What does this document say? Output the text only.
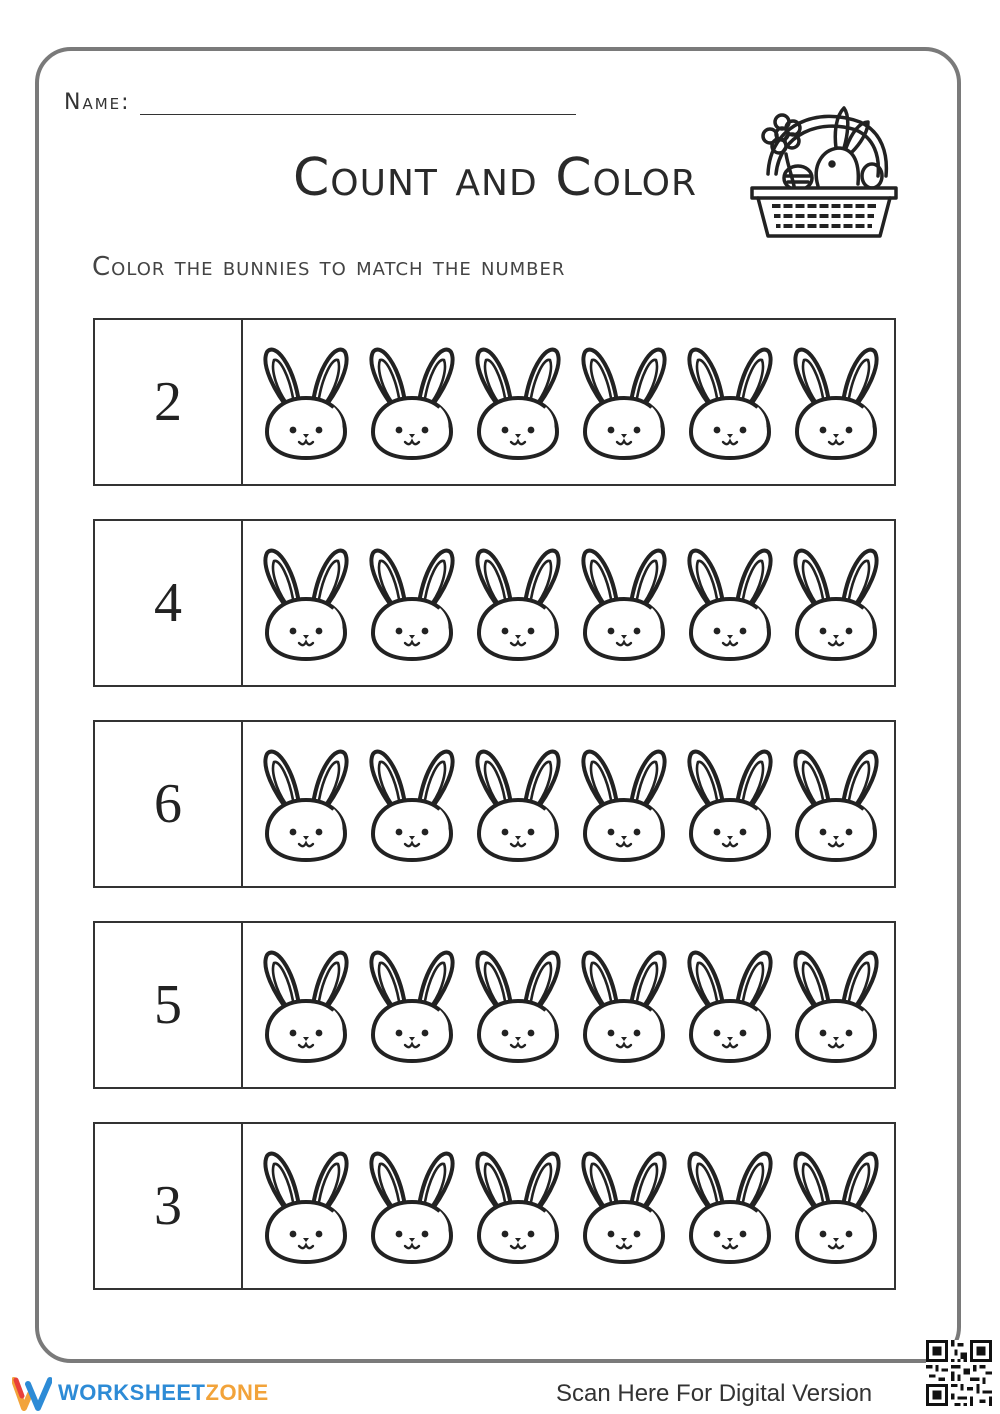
Name:
Count and Color
Color the bunnies to match the number
2
4
6
5
3
WORKSHEETZONE	Scan Here For Digital Version
